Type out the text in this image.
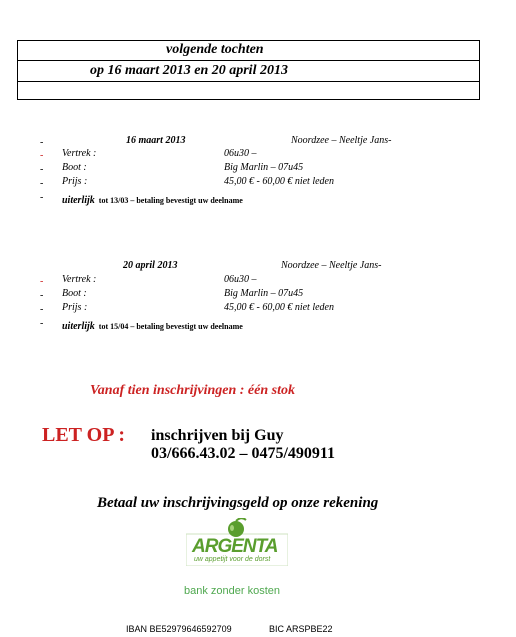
volgende tochten
op 16 maart 2013 en 20 april 2013
-	16 maart 2013	Noordzee – Neeltje Jans-
- Vertrek :	06u30 –
- Boot :	Big Marlin – 07u45
- Prijs :	45,00 € - 60,00 € niet leden
- uiterlijk tot 13/03 – betaling bevestigt uw deelname
20 april 2013	Noordzee – Neeltje Jans-
- Vertrek :	06u30 –
- Boot :	Big Marlin – 07u45
- Prijs :	45,00 € - 60,00 € niet leden
- uiterlijk tot 15/04 – betaling bevestigt uw deelname
Vanaf tien inschrijvingen : één stok
LET OP : inschrijven bij Guy
03/666.43.02 – 0475/490911
Betaal uw inschrijvingsgeld op onze rekening
ARGENTA
uw appetijt voor de dorst
bank zonder kosten
IBAN BE52979646592709	BIC ARSPBE22
